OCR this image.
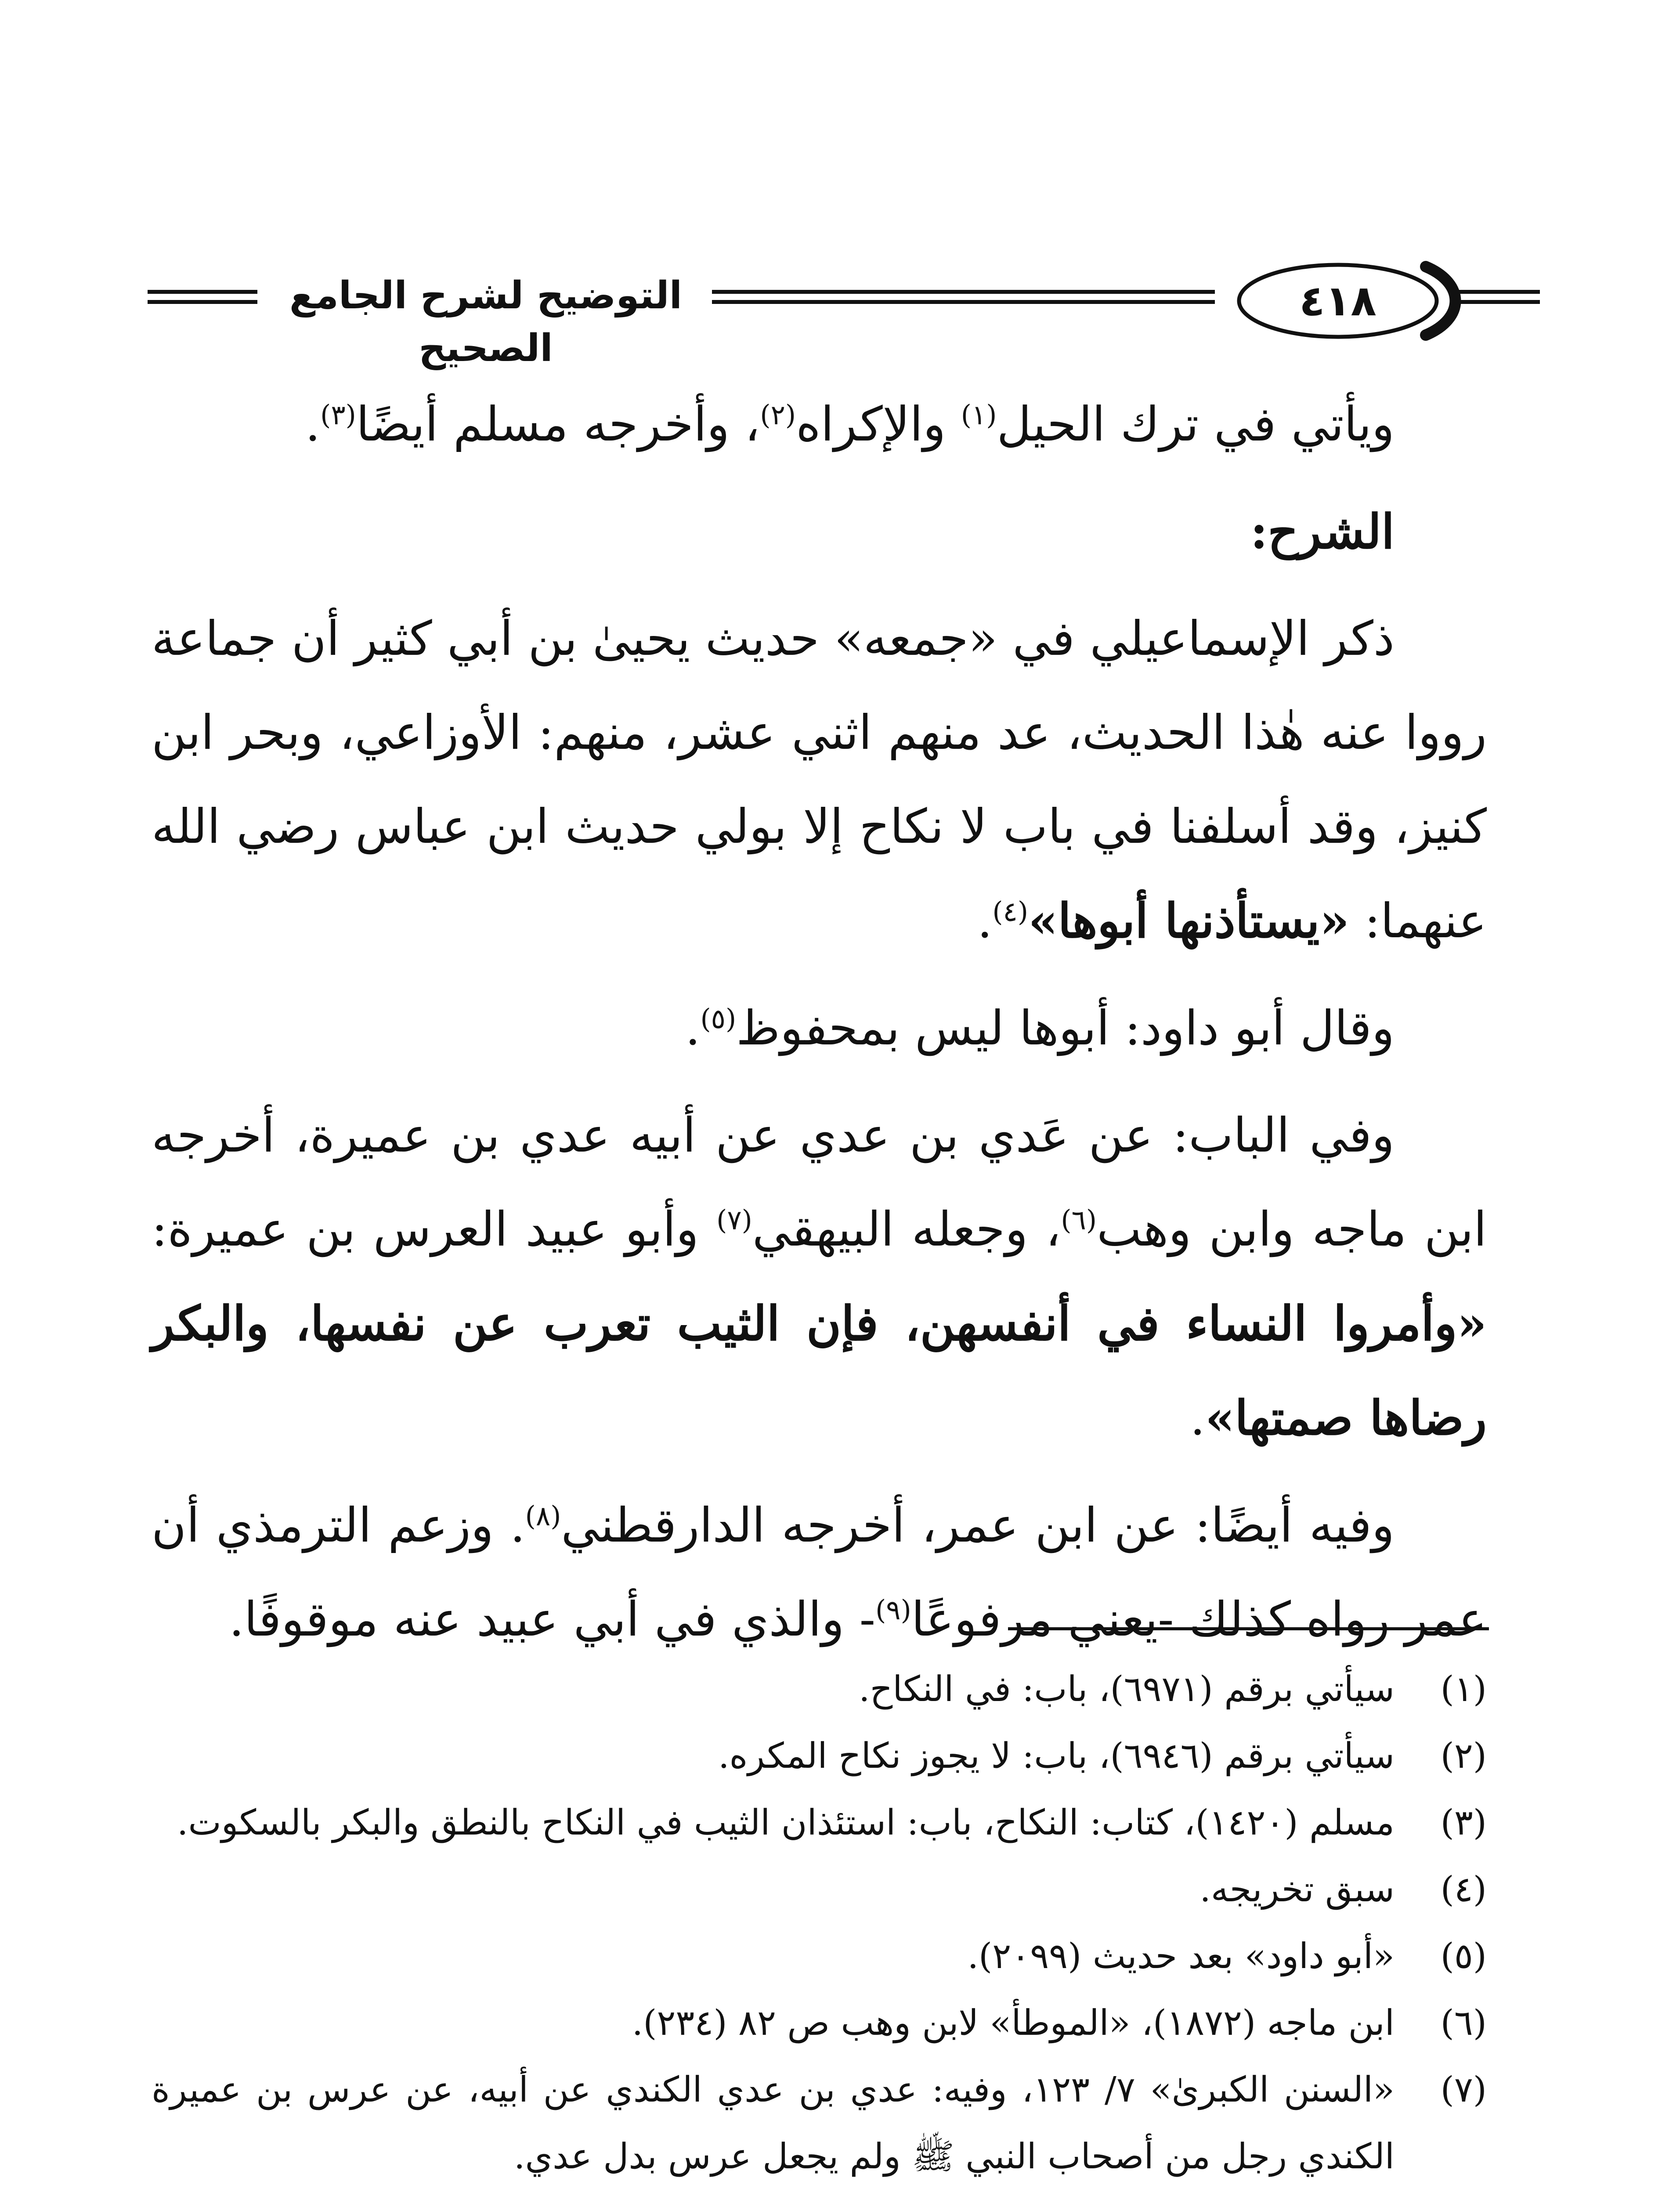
التوضيح لشرح الجامع الصحيح
٤١٨

ويأتي في ترك الحيل$^{(١)}$ والإكراه$^{(٢)}$، وأخرجه مسلم أيضًا$^{(٣)}$.

الشرح:

ذكر الإسماعيلي في «جمعه» حديث يحيىٰ بن أبي كثير أن جماعة رووا عنه هٰذا الحديث، عد منهم اثني عشر، منهم: الأوزاعي، وبحر ابن كنيز، وقد أسلفنا في باب لا نكاح إلا بولي حديث ابن عباس رضي الله عنهما: «يستأذنها أبوها»$^{(٤)}$.

وقال أبو داود: أبوها ليس بمحفوظ$^{(٥)}$.

وفي الباب: عن عَدي بن عدي عن أبيه عدي بن عميرة، أخرجه ابن ماجه وابن وهب$^{(٦)}$، وجعله البيهقي$^{(٧)}$ وأبو عبيد العرس بن عميرة: «وأمروا النساء في أنفسهن، فإن الثيب تعرب عن نفسها، والبكر رضاها صمتها».

وفيه أيضًا: عن ابن عمر، أخرجه الدارقطني$^{(٨)}$. وزعم الترمذي أن عمر رواه كذلك -يعني مرفوعًا$^{(٩)}$- والذي في أبي عبيد عنه موقوفًا.

(١)
سيأتي برقم (٦٩٧١)، باب: في النكاح.
(٢)
سيأتي برقم (٦٩٤٦)، باب: لا يجوز نكاح المكره.
(٣)
مسلم (١٤٢٠)، كتاب: النكاح، باب: استئذان الثيب في النكاح بالنطق والبكر بالسكوت.
(٤)
سبق تخريجه.
(٥)
«أبو داود» بعد حديث (٢٠٩٩).
(٦)
ابن ماجه (١٨٧٢)، «الموطأ» لابن وهب ص ٨٢ (٢٣٤).
(٧)
«السنن الكبرىٰ» ٧/ ١٢٣، وفيه: عدي بن عدي الكندي عن أبيه، عن عرس بن عميرة الكندي رجل من أصحاب النبي ﷺ ولم يجعل عرس بدل عدي.
